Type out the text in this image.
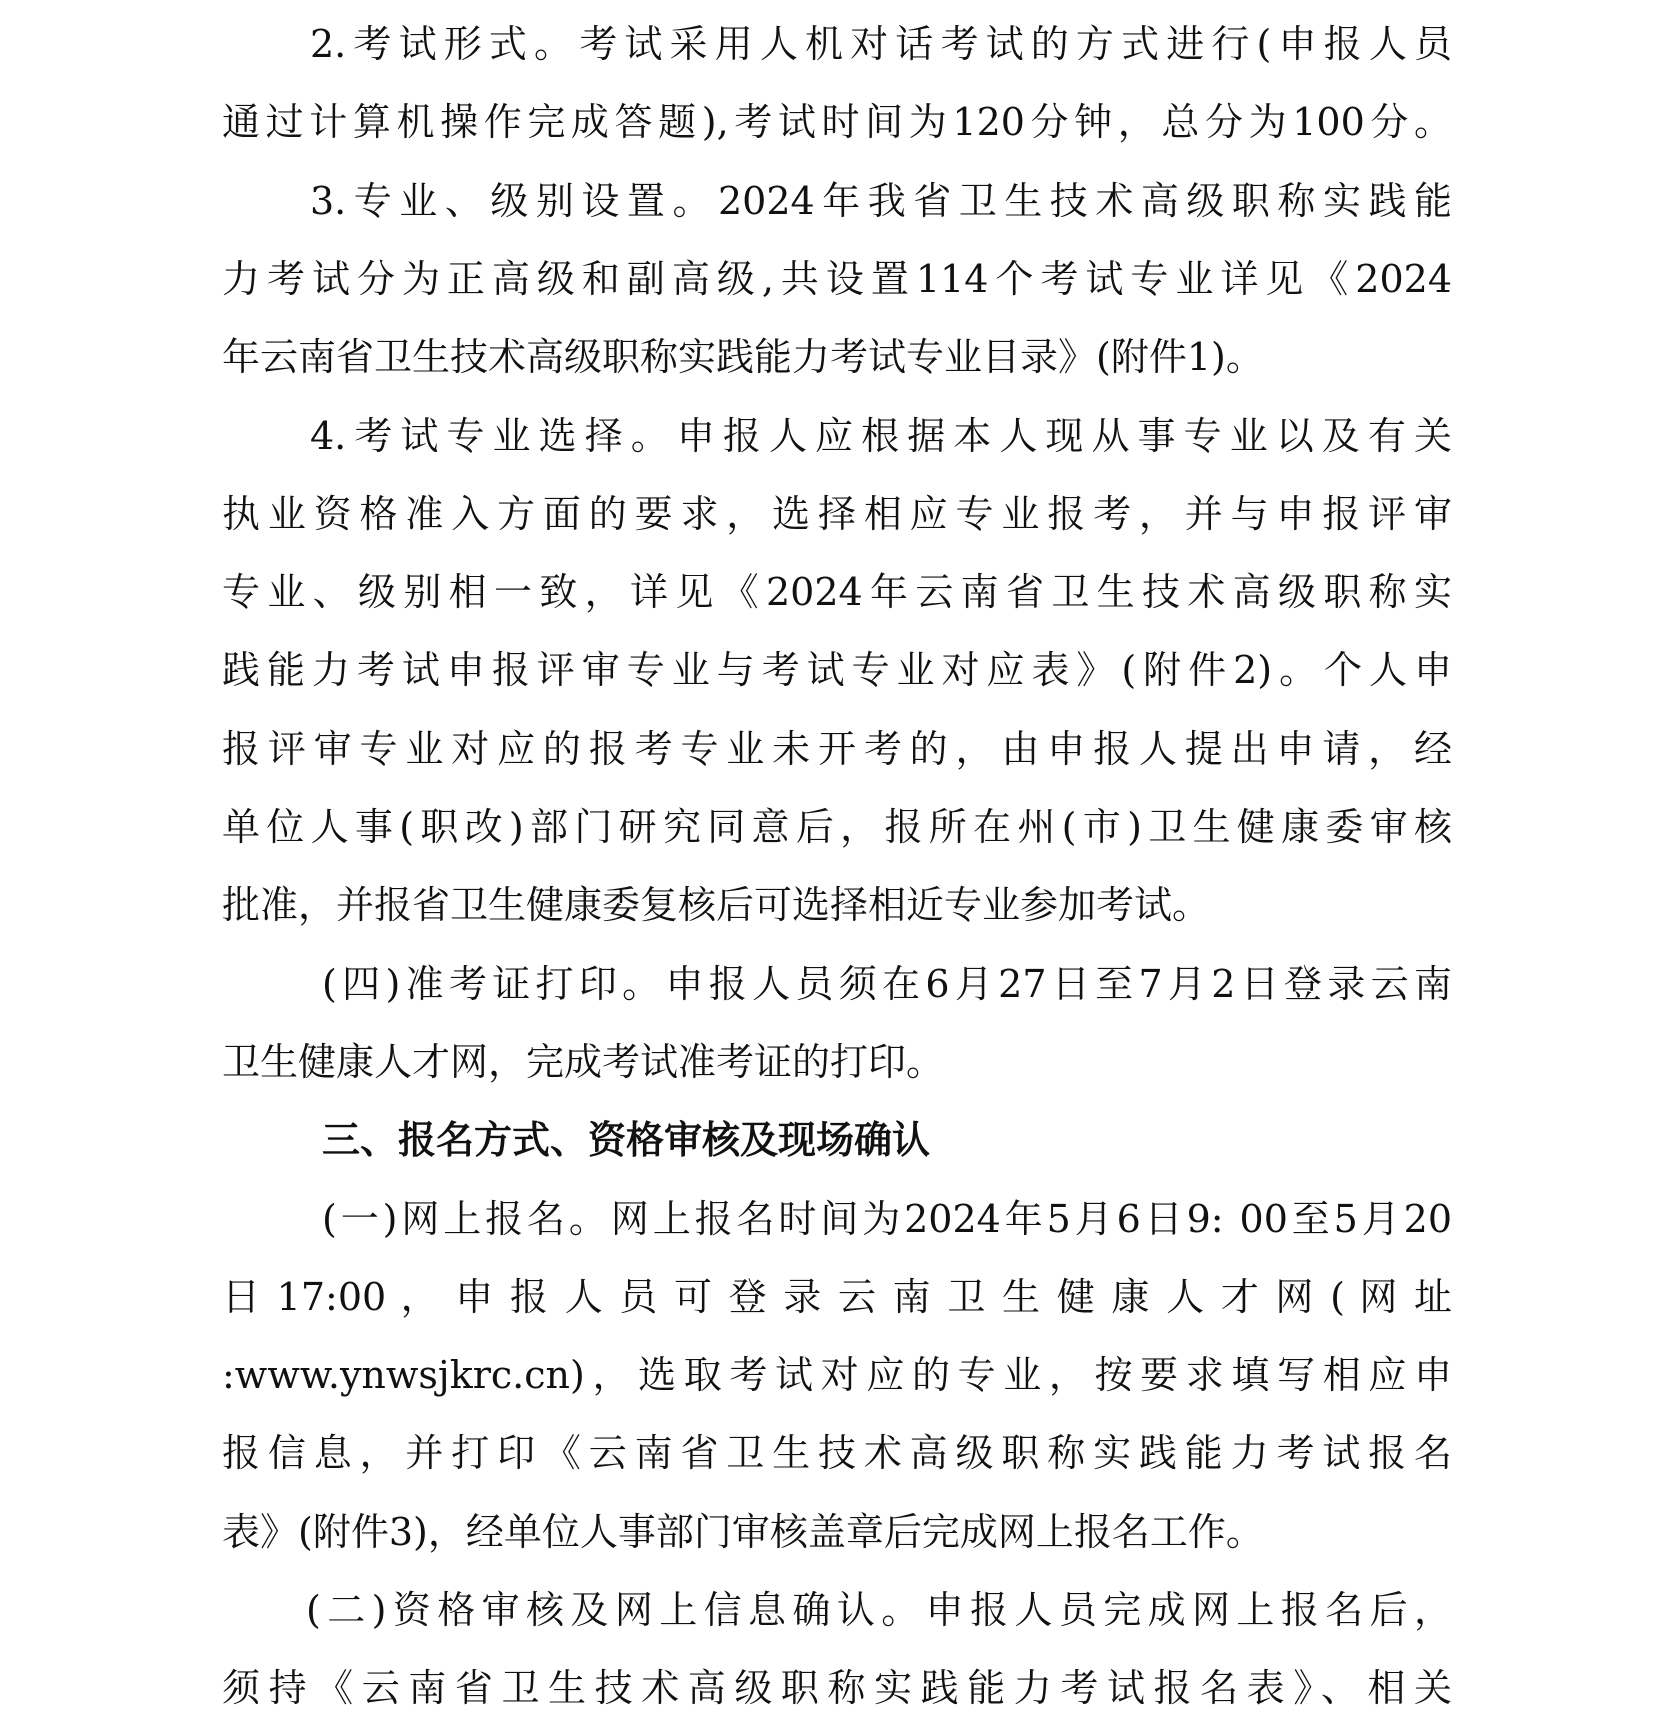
2.考试形式。考试采用人机对话考试的方式进行(申报人员
通过计算机操作完成答题),考试时间为120分钟，总分为100分。
3.专业、级别设置。2024年我省卫生技术高级职称实践能
力考试分为正高级和副高级,共设置114个考试专业详见《2024
年云南省卫生技术高级职称实践能力考试专业目录》(附件1)。
4.考试专业选择。申报人应根据本人现从事专业以及有关
执业资格准入方面的要求，选择相应专业报考，并与申报评审
专业、级别相一致，详见《2024年云南省卫生技术高级职称实
践能力考试申报评审专业与考试专业对应表》(附件2)。个人申
报评审专业对应的报考专业未开考的，由申报人提出申请，经
单位人事(职改)部门研究同意后，报所在州(市)卫生健康委审核
批准，并报省卫生健康委复核后可选择相近专业参加考试。
(四)准考证打印。申报人员须在6月27日至7月2日登录云南
卫生健康人才网，完成考试准考证的打印。
三、报名方式、资格审核及现场确认
(一)网上报名。网上报名时间为2024年5月6日9: 00至5月20
日 17:00 ， 申 报 人 员 可 登 录 云 南 卫 生 健 康 人 才 网 ( 网 址
:www.ynwsjkrc.cn)，选取考试对应的专业，按要求填写相应申
报信息，并打印《云南省卫生技术高级职称实践能力考试报名
表》(附件3)，经单位人事部门审核盖章后完成网上报名工作。
(二)资格审核及网上信息确认。申报人员完成网上报名后，
须持《云南省卫生技术高级职称实践能力考试报名表》、相关
